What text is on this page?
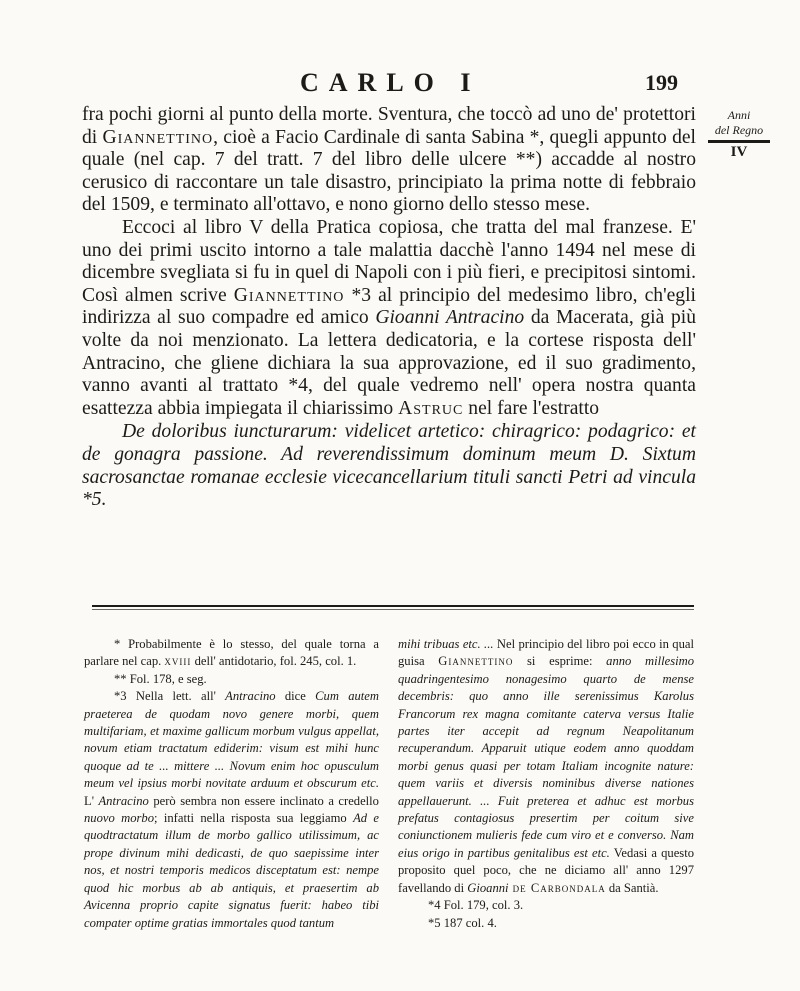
CARLO I	199
Anni
del Regno
IV

fra pochi giorni al punto della morte. Sventura, che toccò ad uno de' protettori di Giannettino, cioè a Facio Cardinale di santa Sabina *, quegli appunto del quale (nel cap. 7 del tratt. 7 del libro delle ulcere **) accadde al nostro cerusico di raccontare un tale disastro, principiato la prima notte di febbraio del 1509, e terminato all'ottavo, e nono giorno dello stesso mese.

Eccoci al libro V della Pratica copiosa, che tratta del mal franzese. E' uno dei primi uscito intorno a tale malattia dacchè l'anno 1494 nel mese di dicembre svegliata si fu in quel di Napoli con i più fieri, e precipitosi sintomi. Così almen scrive Giannettino *3 al principio del medesimo libro, ch'egli indirizza al suo compadre ed amico Gioanni Antracino da Macerata, già più volte da noi menzionato. La lettera dedicatoria, e la cortese risposta dell' Antracino, che gliene dichiara la sua approvazione, ed il suo gradimento, vanno avanti al trattato *4, del quale vedremo nell' opera nostra quanta esattezza abbia impiegata il chiarissimo Astruc nel fare l'estratto

De doloribus iuncturarum: videlicet artetico: chiragrico: podagrico: et de gonagra passione. Ad reverendissimum dominum meum D. Sixtum sacrosanctae romanae ecclesie vicecancellarium tituli sancti Petri ad vincula *5.

* Probabilmente è lo stesso, del quale torna a parlare nel cap. xviii dell' antidotario, fol. 245, col. 1.

** Fol. 178, e seg.

*3 Nella lett. all' Antracino dice Cum autem praeterea de quodam novo genere morbi, quem multifariam, et maxime gallicum morbum vulgus appellat, novum etiam tractatum ediderim: visum est mihi hunc quoque ad te ... mittere ... Novum enim hoc opusculum meum vel ipsius morbi novitate arduum et obscurum etc. L' Antracino però sembra non essere inclinato a credello nuovo morbo; infatti nella risposta sua leggiamo Ad e quodtractatum illum de morbo gallico utilissimum, ac prope divinum mihi dedicasti, de quo saepissime inter nos, et nostri temporis medicos disceptatum est: nempe quod hic morbus ab ab antiquis, et praesertim ab Avicenna proprio capite signatus fuerit: habeo tibi compater optime gratias immortales quod tantum

mihi tribuas etc. ... Nel principio del libro poi ecco in qual guisa Giannettino si esprime: anno millesimo quadringentesimo nonagesimo quarto de mense decembris: quo anno ille serenissimus Karolus Francorum rex magna comitante caterva versus Italie partes iter accepit ad regnum Neapolitanum recuperandum. Apparuit utique eodem anno quoddam morbi genus quasi per totam Italiam incognite nature: quem variis et diversis nominibus diverse nationes appellauerunt. ... Fuit preterea et adhuc est morbus prefatus contagiosus presertim per coitum sive coniunctionem mulieris fede cum viro et e converso. Nam eius origo in partibus genitalibus est etc. Vedasi a questo proposito quel poco, che ne diciamo all' anno 1297 favellando di Gioanni de Carbondala da Santià.

*4 Fol. 179, col. 3.

*5 187 col. 4.
